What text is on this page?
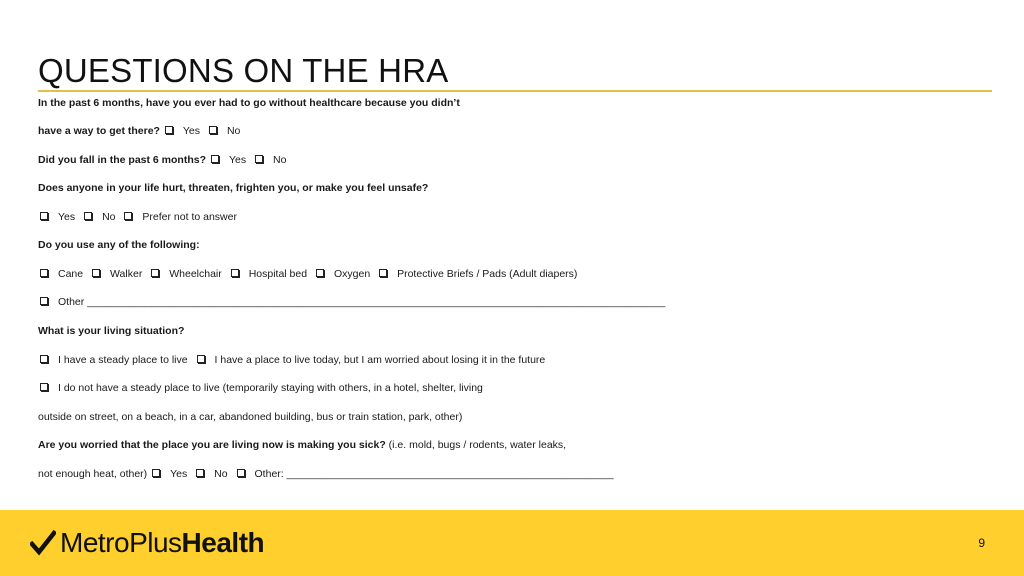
QUESTIONS ON THE HRA
In the past 6 months, have you ever had to go without healthcare because you didn’t
have a way to get there? Yes	No
Did you fall in the past 6 months? Yes	No
Does anyone in your life hurt, threaten, frighten you, or make you feel unsafe?
Yes	No	Prefer not to answer
Do you use any of the following:
Cane	Walker	Wheelchair	Hospital bed	Oxygen	Protective Briefs / Pads (Adult diapers)
Other ___________________________________________________________________________________________________
What is your living situation?
I have a steady place to live	I have a place to live today, but I am worried about losing it in the future
I do not have a steady place to live (temporarily staying with others, in a hotel, shelter, living
outside on street, on a beach, in a car, abandoned building, bus or train station, park, other)
Are you worried that the place you are living now is making you sick? (i.e. mold, bugs / rodents, water leaks,
not enough heat, other) Yes	No	Other: ________________________________________________________
MetroPlus Health	9
